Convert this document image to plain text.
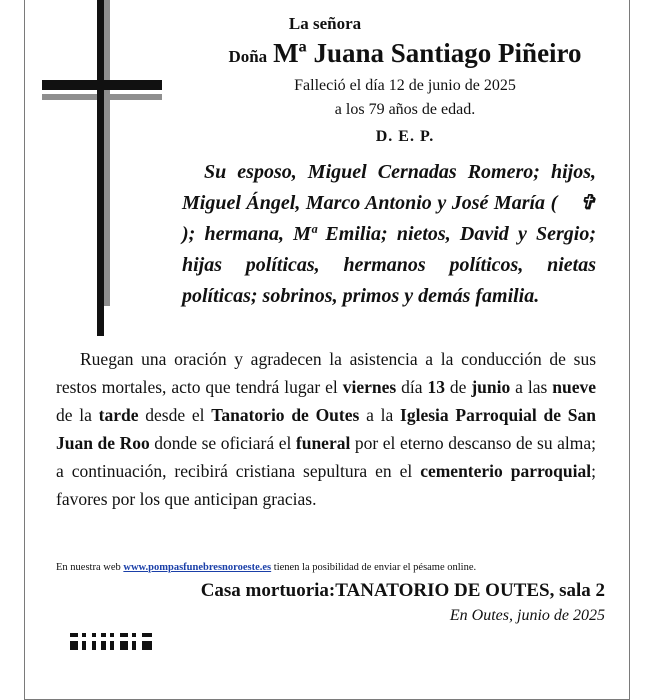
La señora
Doña Mª Juana Santiago Piñeiro
Falleció el día 12 de junio de 2025
a los 79 años de edad.
D. E. P.

Su esposo, Miguel Cernadas Romero; hijos, Miguel Ángel, Marco Antonio y José María ( ✞); hermana, Mª Emilia; nietos, David y Sergio; hijas políticas, hermanos políticos, nietas políticas; sobrinos, primos y demás familia.

Ruegan una oración y agradecen la asistencia a la conducción de sus restos mortales, acto que tendrá lugar el viernes día 13 de junio a las nueve de la tarde desde el Tanatorio de Outes a la Iglesia Parroquial de San Juan de Roo donde se oficiará el funeral por el eterno descanso de su alma; a continuación, recibirá cristiana sepultura en el cementerio parroquial; favores por los que anticipan gracias.

En nuestra web www.pompasfunebresnoroeste.es tienen la posibilidad de enviar el pésame online.
Casa mortuoria:TANATORIO DE OUTES, sala 2
En Outes, junio de 2025
